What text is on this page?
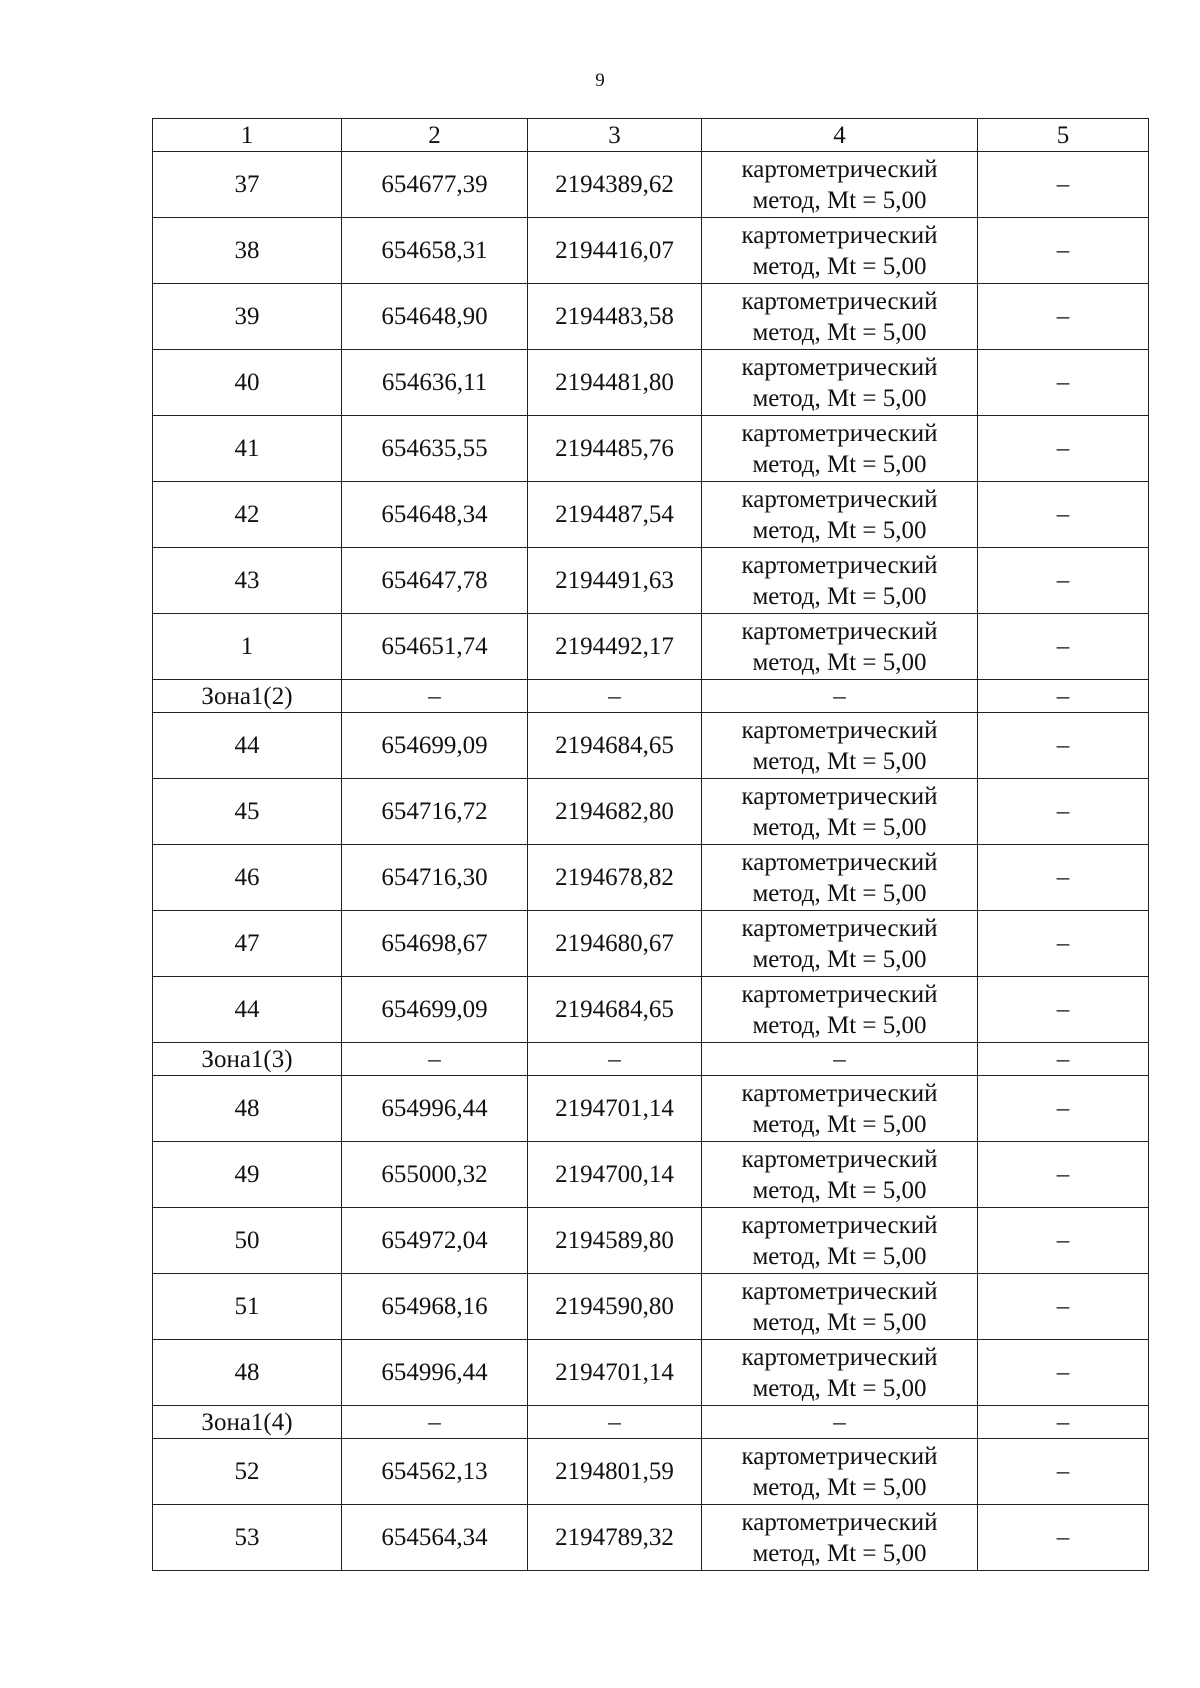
9
1	2	3	4	5
37	654677,39	2194389,62	картометрический
метод, Mt = 5,00	–
38	654658,31	2194416,07	картометрический
метод, Mt = 5,00	–
39	654648,90	2194483,58	картометрический
метод, Mt = 5,00	–
40	654636,11	2194481,80	картометрический
метод, Mt = 5,00	–
41	654635,55	2194485,76	картометрический
метод, Mt = 5,00	–
42	654648,34	2194487,54	картометрический
метод, Mt = 5,00	–
43	654647,78	2194491,63	картометрический
метод, Mt = 5,00	–
1	654651,74	2194492,17	картометрический
метод, Mt = 5,00	–
Зона1(2)	–	–	–	–
44	654699,09	2194684,65	картометрический
метод, Mt = 5,00	–
45	654716,72	2194682,80	картометрический
метод, Mt = 5,00	–
46	654716,30	2194678,82	картометрический
метод, Mt = 5,00	–
47	654698,67	2194680,67	картометрический
метод, Mt = 5,00	–
44	654699,09	2194684,65	картометрический
метод, Mt = 5,00	–
Зона1(3)	–	–	–	–
48	654996,44	2194701,14	картометрический
метод, Mt = 5,00	–
49	655000,32	2194700,14	картометрический
метод, Mt = 5,00	–
50	654972,04	2194589,80	картометрический
метод, Mt = 5,00	–
51	654968,16	2194590,80	картометрический
метод, Mt = 5,00	–
48	654996,44	2194701,14	картометрический
метод, Mt = 5,00	–
Зона1(4)	–	–	–	–
52	654562,13	2194801,59	картометрический
метод, Mt = 5,00	–
53	654564,34	2194789,32	картометрический
метод, Mt = 5,00	–
